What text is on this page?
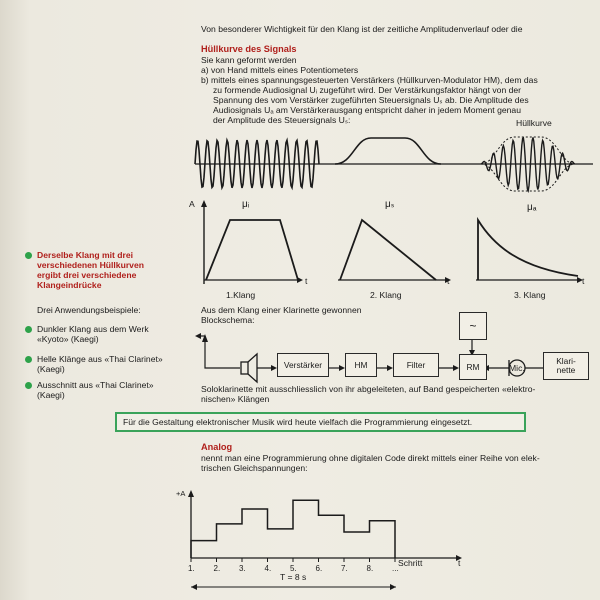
Von besonderer Wichtigkeit für den Klang ist der zeitliche Amplitudenverlauf oder die
Hüllkurve des Signals
Sie kann geformt werden
a) von Hand mittels eines Potentiometers
b) mittels eines spannungsgesteuerten Verstärkers (Hüllkurven-Modulator HM), dem das
zu formende Audiosignal Uᵢ zugeführt wird. Der Verstärkungsfaktor hängt von der
Spannung des vom Verstärker zugeführten Steuersignals Uₛ ab. Die Amplitude des
Audiosignals Uₐ am Verstärkerausgang entspricht daher in jedem Moment genau
der Amplitude des Steuersignals Uₛ:	Hüllkurve
A	μᵢ	μₛ	μₐ
t	t	t
1.Klang	2. Klang	3. Klang
Derselbe Klang mit drei
verschiedenen Hüllkurven
ergibt drei verschiedene
Klangeindrücke
Drei Anwendungsbeispiele:
Dunkler Klang aus dem Werk
«Kyoto» (Kaegi)
Helle Klänge aus «Thai Clarinet»
(Kaegi)
Ausschnitt aus «Thai Clarinet»
(Kaegi)
Aus dem Klang einer Klarinette gewonnen
Blockschema:	~
Verstärker	HM	Filter	RM	Mic.
Klari-
nette
Soloklarinette mit ausschliesslich von ihr abgeleiteten, auf Band gespeicherten «elektro-
nischen» Klängen
Für die Gestaltung elektronischer Musik wird heute vielfach die Programmierung eingesetzt.
Analog
nennt man eine Programmierung ohne digitalen Code direkt mittels einer Reihe von elek-
trischen Gleichspannungen:
+A
1. 2. 3. 4. 5. 6. 7. 8. ...
Schritt	t
T = 8 s
